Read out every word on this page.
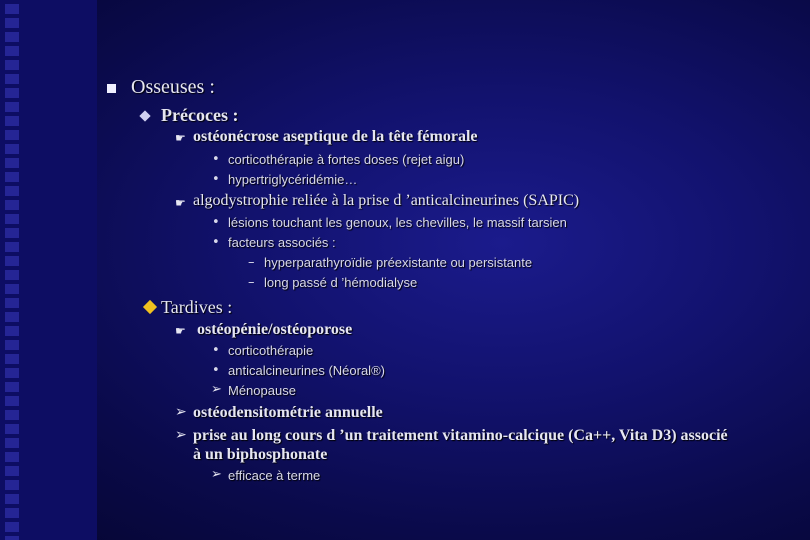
Osseuses :
Précoces :
☛ ostéonécrose aseptique de la tête fémorale
• corticothérapie à fortes doses (rejet aigu)
• hypertriglycéridémie…
☛ algodystrophie reliée à la prise d ’anticalcineurines (SAPIC)
• lésions touchant les genoux, les chevilles, le massif tarsien
• facteurs associés :
– hyperparathyroïdie préexistante ou persistante
– long passé d ’hémodialyse
Tardives :
☛ ostéopénie/ostéoporose
• corticothérapie
• anticalcineurines (Néoral®)
➢ Ménopause
➢ ostéodensitométrie annuelle
➢ prise au long cours d ’un traitement vitamino-calcique (Ca++, Vita D3) associé
à un biphosphonate
➢ efficace à terme
